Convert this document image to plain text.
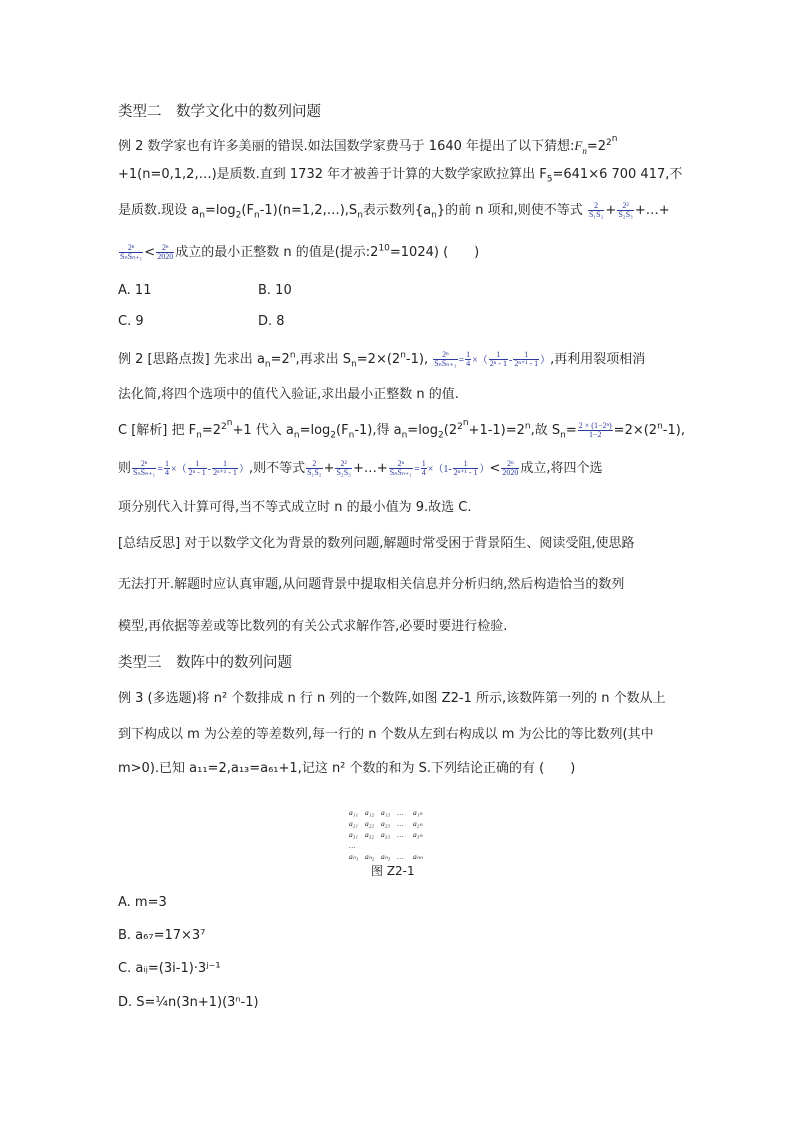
类型二　数学文化中的数列问题
例 2 数学家也有许多美丽的错误.如法国数学家费马于 1640 年提出了以下猜想$:F_n=2^{2^n}$
+1(n=0,1,2,…)是质数.直到 1732 年才被善于计算的大数学家欧拉算出 $F_5=641\times 6$ 700 417,不
是质数.现设 $a_n=\log_2(F_n-1)(n=1,2,\dots),S_n$表示数列$\{a_n\}$的前 n 项和,则使不等式 $\frac{2}{\text{S₁S₂}} + \frac{\text{2²}}{\text{S₂S₃}}$ +…+
$\frac{\text{2ⁿ}}{\text{SₙSₙ₊₁}} < \frac{\text{2ⁿ}}{2020}$ 成立的最小正整数 n 的值是(提示$:2^{10}=1024$) (　　)
A. 11	B. 10
C. 9	D. 8
例 2 [思路点拨] 先求出 $a_n=2^n$,再求出 $S_n=2\times(2^n-1)$, $\frac{\text{2ⁿ}}{\text{SₙSₙ₊₁}} = \frac{1}{4}$ ×（ $\frac{1}{\text{2ⁿ - 1}} - \frac{1}{\text{2ⁿ⁺¹ - 1}}$ ）,再利用裂项相消
法化简,将四个选项中的值代入验证,求出最小正整数 n 的值.
C [解析] 把 $F_n=2^{2^n}+1$ 代入 $a_n=\log_2(F_n-1)$,得 $a_n=\log_2(2^{2^n}+1-1)=2^n$,故 $S_n= \frac{\text{2 × (1−2ⁿ)}}{1-2} =2\times(2^n-1)$,
则 $\frac{\text{2ⁿ}}{\text{SₙSₙ₊₁}} = \frac{1}{4}$ ×（ $\frac{1}{\text{2ⁿ - 1}} - \frac{1}{\text{2ⁿ⁺¹ - 1}}$ ）,则不等式 $\frac{2}{\text{S₁S₂}} + \frac{\text{2²}}{\text{S₂S₃}}$ +…+ $\frac{\text{2ⁿ}}{\text{SₙSₙ₊₁}} = \frac{1}{4} \times(1- \frac{1}{\text{2ⁿ⁺¹ - 1}}$ ）< $\frac{\text{2ⁿ}}{2020}$ 成立,将四个选
项分别代入计算可得,当不等式成立时 n 的最小值为 9.故选 C.
[总结反思] 对于以数学文化为背景的数列问题,解题时常受困于背景陌生、阅读受阻,使思路
无法打开.解题时应认真审题,从问题背景中提取相关信息并分析归纳,然后构造恰当的数列
模型,再依据等差或等比数列的有关公式求解作答,必要时要进行检验.
类型三　数阵中的数列问题
例 3 (多选题)将 n² 个数排成 n 行 n 列的一个数阵,如图 Z2-1 所示,该数阵第一列的 n 个数从上
到下构成以 m 为公差的等差数列,每一行的 n 个数从左到右构成以 m 为公比的等比数列(其中
m>0).已知 a₁₁=2,a₁₃=a₆₁+1,记这 n² 个数的和为 S.下列结论正确的有 (　　)
a₁₁ a₁₂ a₁₃ … a₁ₙ
a₂₁ a₂₂ a₂₃ … a₂ₙ
a₃₁ a₃₂ a₃₃ … a₃ₙ
…
aₙ₁ aₙ₂ aₙ₃ … aₙₙ
图 Z2-1
A. m=3
B. a₆₇=17×3⁷
C. aᵢⱼ=(3i-1)·3ʲ⁻¹
D. S=¼n(3n+1)(3ⁿ-1)
